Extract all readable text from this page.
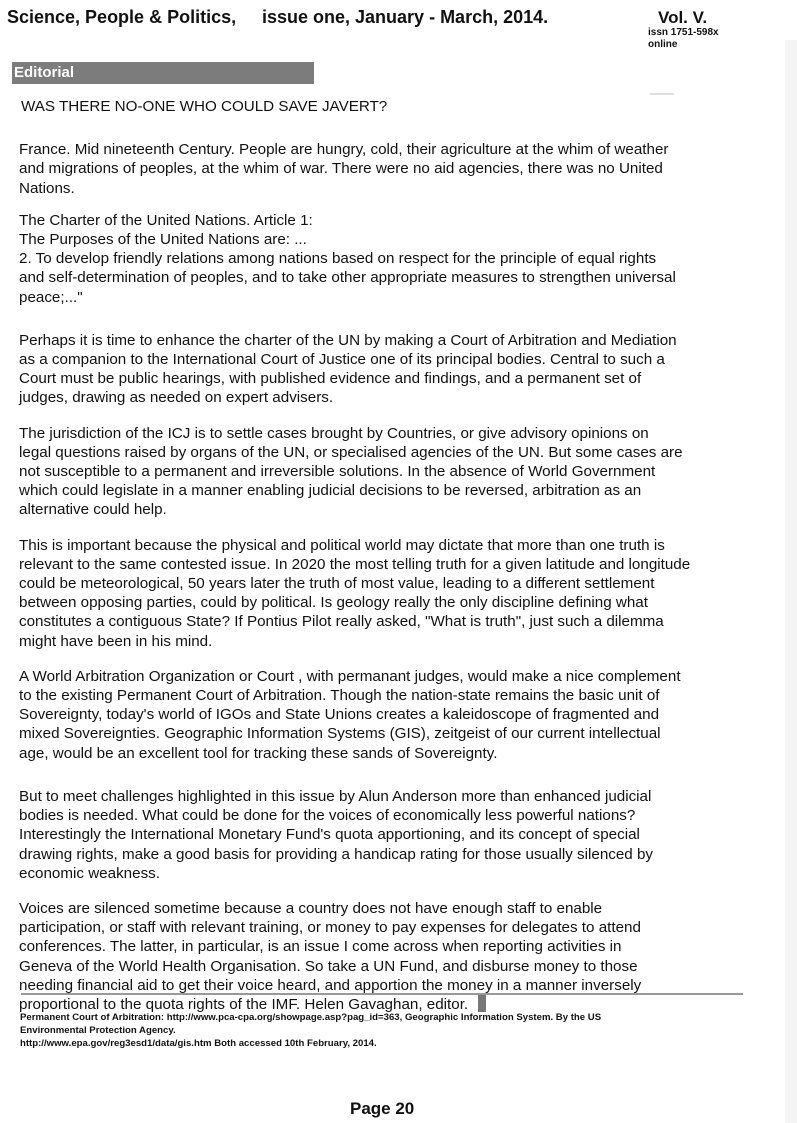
Science, People & Politics, issue one, January - March, 2014.	Vol. V.
issn 1751-598x
online
Editorial

WAS THERE NO-ONE WHO COULD SAVE JAVERT?

France. Mid nineteenth Century. People are hungry, cold, their agriculture at the whim of weather
and migrations of peoples, at the whim of war. There were no aid agencies, there was no United
Nations.

The Charter of the United Nations. Article 1:
The Purposes of the United Nations are: ...
2. To develop friendly relations among nations based on respect for the principle of equal rights
and self-determination of peoples, and to take other appropriate measures to strengthen universal
peace;..."

Perhaps it is time to enhance the charter of the UN by making a Court of Arbitration and Mediation
as a companion to the International Court of Justice one of its principal bodies. Central to such a
Court must be public hearings, with published evidence and findings, and a permanent set of
judges, drawing as needed on expert advisers.

The jurisdiction of the ICJ is to settle cases brought by Countries, or give advisory opinions on
legal questions raised by organs of the UN, or specialised agencies of the UN. But some cases are
not susceptible to a permanent and irreversible solutions. In the absence of World Government
which could legislate in a manner enabling judicial decisions to be reversed, arbitration as an
alternative could help.

This is important because the physical and political world may dictate that more than one truth is
relevant to the same contested issue. In 2020 the most telling truth for a given latitude and longitude
could be meteorological, 50 years later the truth of most value, leading to a different settlement
between opposing parties, could by political. Is geology really the only discipline defining what
constitutes a contiguous State? If Pontius Pilot really asked, "What is truth", just such a dilemma
might have been in his mind.

A World Arbitration Organization or Court , with permanant judges, would make a nice complement
to the existing Permanent Court of Arbitration. Though the nation-state remains the basic unit of
Sovereignty, today's world of IGOs and State Unions creates a kaleidoscope of fragmented and
mixed Sovereignties. Geographic Information Systems (GIS), zeitgeist of our current intellectual
age, would be an excellent tool for tracking these sands of Sovereignty.

But to meet challenges highlighted in this issue by Alun Anderson more than enhanced judicial
bodies is needed. What could be done for the voices of economically less powerful nations?
Interestingly the International Monetary Fund's quota apportioning, and its concept of special
drawing rights, make a good basis for providing a handicap rating for those usually silenced by
economic weakness.

Voices are silenced sometime because a country does not have enough staff to enable
participation, or staff with relevant training, or money to pay expenses for delegates to attend
conferences. The latter, in particular, is an issue I come across when reporting activities in
Geneva of the World Health Organisation. So take a UN Fund, and disburse money to those
needing financial aid to get their voice heard, and apportion the money in a manner inversely
proportional to the quota rights of the IMF. Helen Gavaghan, editor.

Permanent Court of Arbitration: http://www.pca-cpa.org/showpage.asp?pag_id=363, Geographic Information System. By the US
Environmental Protection Agency.
http://www.epa.gov/reg3esd1/data/gis.htm Both accessed 10th February, 2014.
Page 20
